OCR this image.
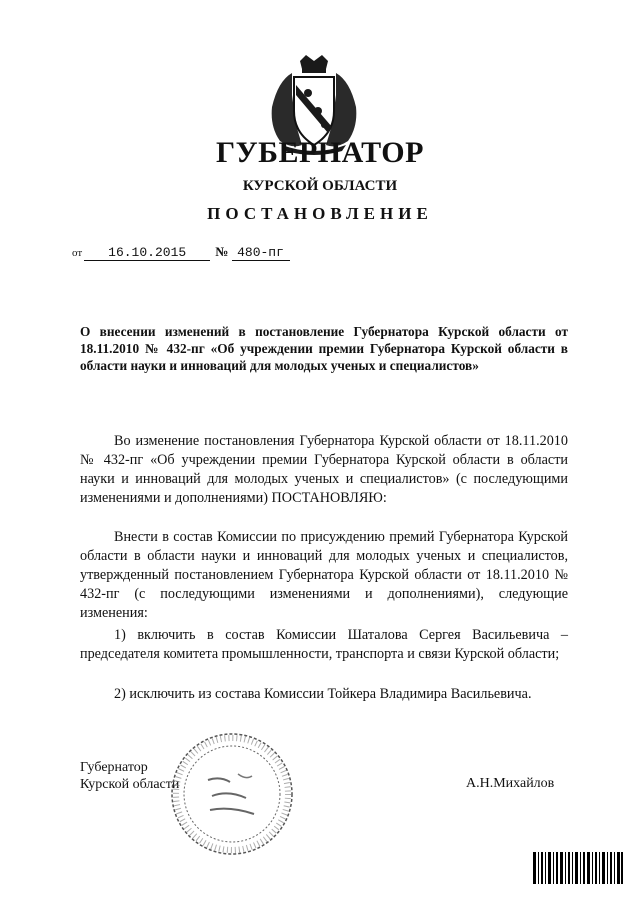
ГУБЕРНАТОР
КУРСКОЙ ОБЛАСТИ
ПОСТАНОВЛЕНИЕ
от 16.10.2015 № 480-пг
О внесении изменений в постановление Губернатора Курской области от 18.11.2010 № 432-пг «Об учреждении премии Губернатора Курской области в области науки и инноваций для молодых ученых и специалистов»
Во изменение постановления Губернатора Курской области от 18.11.2010 № 432-пг «Об учреждении премии Губернатора Курской области в области науки и инноваций для молодых ученых и специалистов» (с последующими изменениями и дополнениями) ПОСТАНОВЛЯЮ:
Внести в состав Комиссии по присуждению премий Губернатора Курской области в области науки и инноваций для молодых ученых и специалистов, утвержденный постановлением Губернатора Курской области от 18.11.2010 № 432-пг (с последующими изменениями и дополнениями), следующие изменения:
1) включить в состав Комиссии Шаталова Сергея Васильевича – председателя комитета промышленности, транспорта и связи Курской области;
2) исключить из состава Комиссии Тойкера Владимира Васильевича.
Губернатор
Курской области	А.Н.Михайлов
